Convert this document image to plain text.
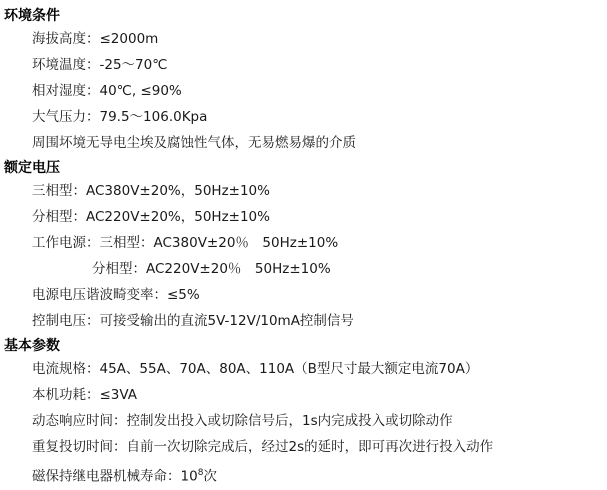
环境条件
海拔高度：≤2000m
环境温度：-25～70℃
相对湿度：40℃, ≤90%
大气压力：79.5～106.0Kpa
周围坏境无导电尘埃及腐蚀性气体，无易燃易爆的介质
额定电压
三相型：AC380V±20%，50Hz±10%
分相型：AC220V±20%，50Hz±10%
工作电源：三相型：AC380V±20％　50Hz±10%
分相型：AC220V±20％　50Hz±10%
电源电压谐波畸变率：≤5%
控制电压：可接受输出的直流5V-12V/10mA控制信号
基本参数
电流规格：45A、55A、70A、80A、110A（B型尺寸最大额定电流70A）
本机功耗：≤3VA
动态响应时间：控制发出投入或切除信号后，1s内完成投入或切除动作
重复投切时间：自前一次切除完成后，经过2s的延时，即可再次进行投入动作
磁保持继电器机械寿命：$10^8$次
